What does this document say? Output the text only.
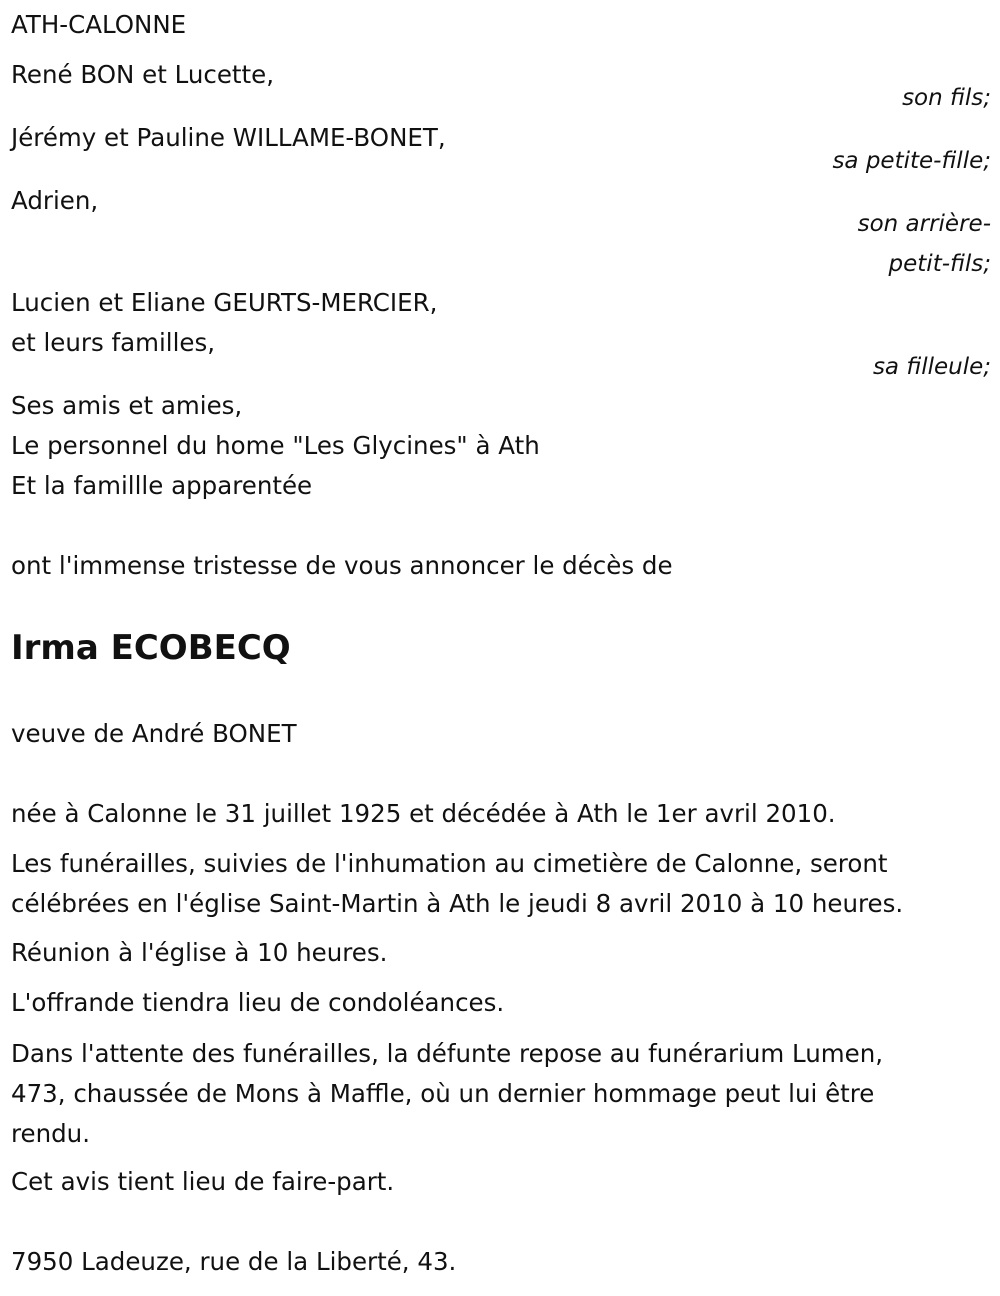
ATH-CALONNE
René BON et Lucette,
son fils;
Jérémy et Pauline WILLAME-BONET,
sa petite-fille;
Adrien,
son arrière-
petit-fils;
Lucien et Eliane GEURTS-MERCIER,
et leurs familles,
sa filleule;
Ses amis et amies,
Le personnel du home "Les Glycines" à Ath
Et la famillle apparentée
ont l'immense tristesse de vous annoncer le décès de
Irma ECOBECQ
veuve de André BONET
née à Calonne le 31 juillet 1925 et décédée à Ath le 1er avril 2010.
Les funérailles, suivies de l'inhumation au cimetière de Calonne, seront
célébrées en l'église Saint-Martin à Ath le jeudi 8 avril 2010 à 10 heures.
Réunion à l'église à 10 heures.
L'offrande tiendra lieu de condoléances.
Dans l'attente des funérailles, la défunte repose au funérarium Lumen,
473, chaussée de Mons à Maffle, où un dernier hommage peut lui être
rendu.
Cet avis tient lieu de faire-part.
7950 Ladeuze, rue de la Liberté, 43.
